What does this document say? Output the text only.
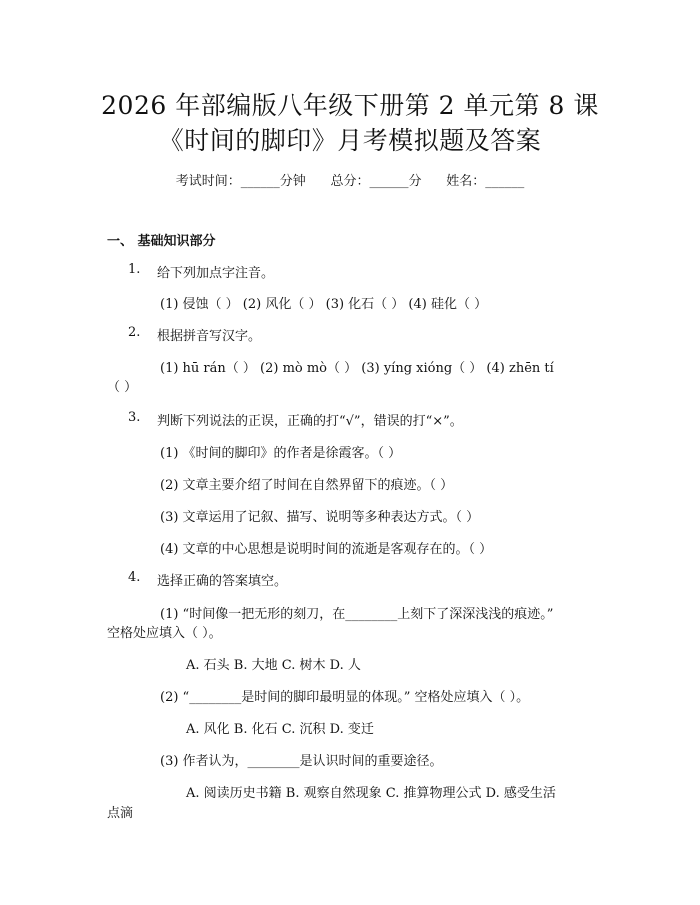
2026 年部编版八年级下册第 2 单元第 8 课
《时间的脚印》月考模拟题及答案
考试时间：______分钟      总分：______分      姓名：______
一、 基础知识部分
1. 给下列加点字注音。
(1) 侵蚀（ ） (2) 风化（ ） (3) 化石（ ） (4) 硅化（ ）
2. 根据拼音写汉字。
(1) hū rán（ ） (2) mò mò（ ） (3) yíng xióng（ ） (4) zhēn tí
（ ）
3. 判断下列说法的正误，正确的打“√”，错误的打“×”。
(1) 《时间的脚印》的作者是徐霞客。（ ）
(2) 文章主要介绍了时间在自然界留下的痕迹。（ ）
(3) 文章运用了记叙、描写、说明等多种表达方式。（ ）
(4) 文章的中心思想是说明时间的流逝是客观存在的。（ ）
4. 选择正确的答案填空。
(1) “时间像一把无形的刻刀，在________上刻下了深深浅浅的痕迹。”
空格处应填入（ ）。
A. 石头 B. 大地 C. 树木 D. 人
(2) “________是时间的脚印最明显的体现。” 空格处应填入（ ）。
A. 风化 B. 化石 C. 沉积 D. 变迁
(3) 作者认为，________是认识时间的重要途径。
A. 阅读历史书籍 B. 观察自然现象 C. 推算物理公式 D. 感受生活
点滴
